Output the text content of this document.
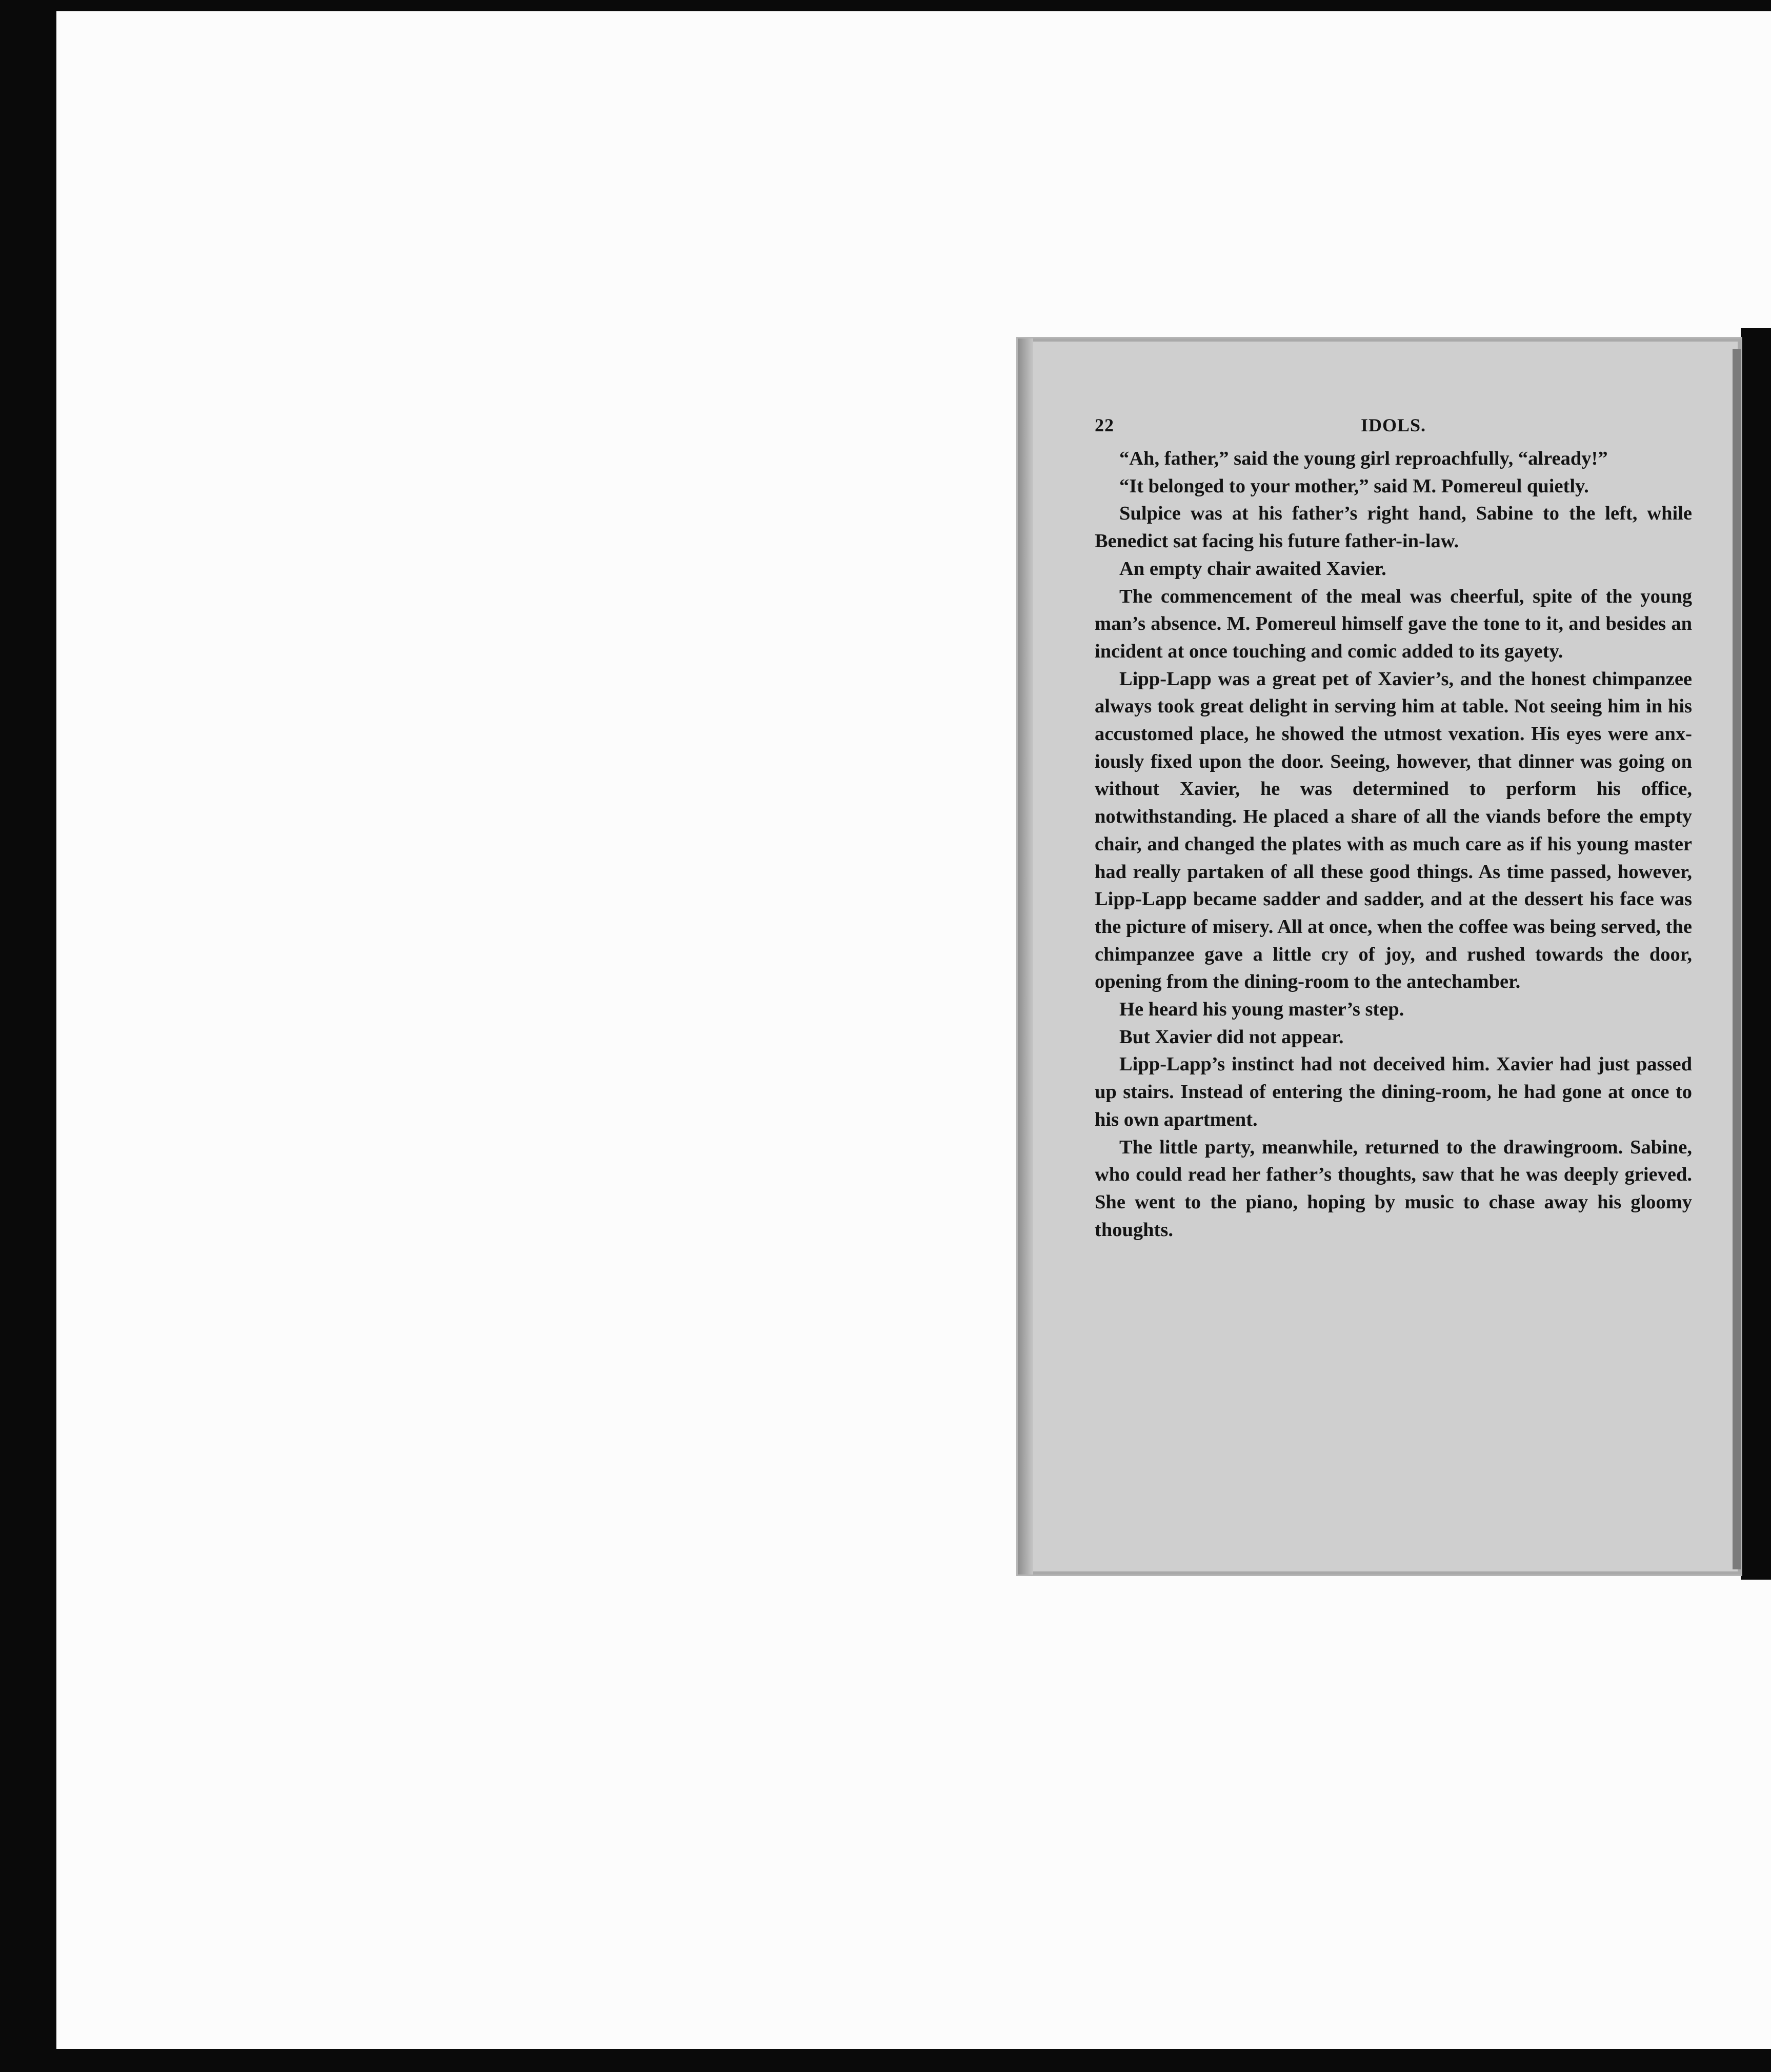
22	IDOLS.

“Ah, father,” said the young girl reproachfully, “already!”

“It belonged to your mother,” said M. Pomereul quietly.

Sulpice was at his father’s right hand, Sabine to the left, while Benedict sat facing his future father-in-law.

An empty chair awaited Xavier.

The commencement of the meal was cheerful, spite of the young man’s absence. M. Pomereul himself gave the tone to it, and besides an incident at once touching and comic added to its gayety.

Lipp-Lapp was a great pet of Xavier’s, and the honest chimpanzee always took great delight in serving him at table. Not seeing him in his accustomed place, he showed the utmost vexation. His eyes were anxiously fixed upon the door. Seeing, however, that dinner was going on without Xavier, he was determined to perform his office, notwithstanding. He placed a share of all the viands before the empty chair, and changed the plates with as much care as if his young master had really partaken of all these good things. As time passed, however, Lipp-Lapp became sadder and sadder, and at the dessert his face was the picture of misery. All at once, when the coffee was being served, the chimpanzee gave a little cry of joy, and rushed towards the door, opening from the dining-room to the antechamber.

He heard his young master’s step.

But Xavier did not appear.

Lipp-Lapp’s instinct had not deceived him. Xavier had just passed up stairs. Instead of entering the dining-room, he had gone at once to his own apartment.

The little party, meanwhile, returned to the drawingroom. Sabine, who could read her father’s thoughts, saw that he was deeply grieved. She went to the piano, hoping by music to chase away his gloomy thoughts.
